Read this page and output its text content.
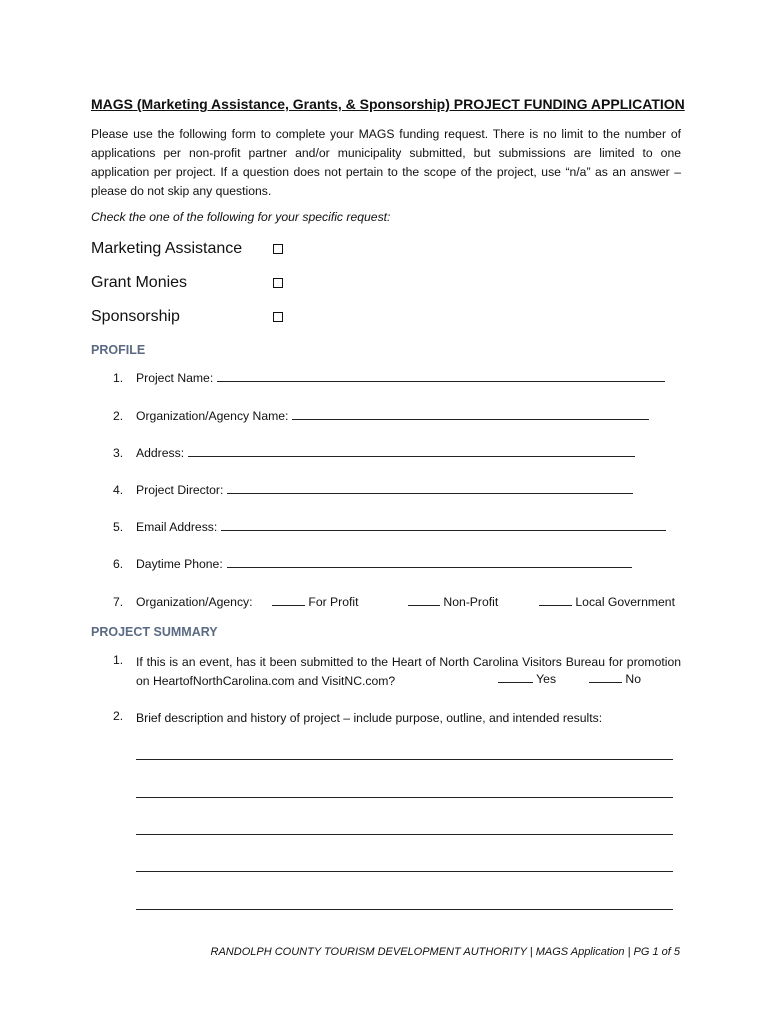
MAGS (Marketing Assistance, Grants, & Sponsorship) PROJECT FUNDING APPLICATION
Please use the following form to complete your MAGS funding request. There is no limit to the number of applications per non-profit partner and/or municipality submitted, but submissions are limited to one application per project. If a question does not pertain to the scope of the project, use “n/a” as an answer – please do not skip any questions.
Check the one of the following for your specific request:
Marketing Assistance
Grant Monies
Sponsorship
PROFILE
1. Project Name:
2. Organization/Agency Name:
3. Address:
4. Project Director:
5. Email Address:
6. Daytime Phone:
7. Organization/Agency:	For Profit	Non-Profit	Local Government
PROJECT SUMMARY
1. If this is an event, has it been submitted to the Heart of North Carolina Visitors Bureau for promotion on HeartofNorthCarolina.com and VisitNC.com?	Yes	No
2. Brief description and history of project – include purpose, outline, and intended results:
RANDOLPH COUNTY TOURISM DEVELOPMENT AUTHORITY | MAGS Application | PG 1 of 5
